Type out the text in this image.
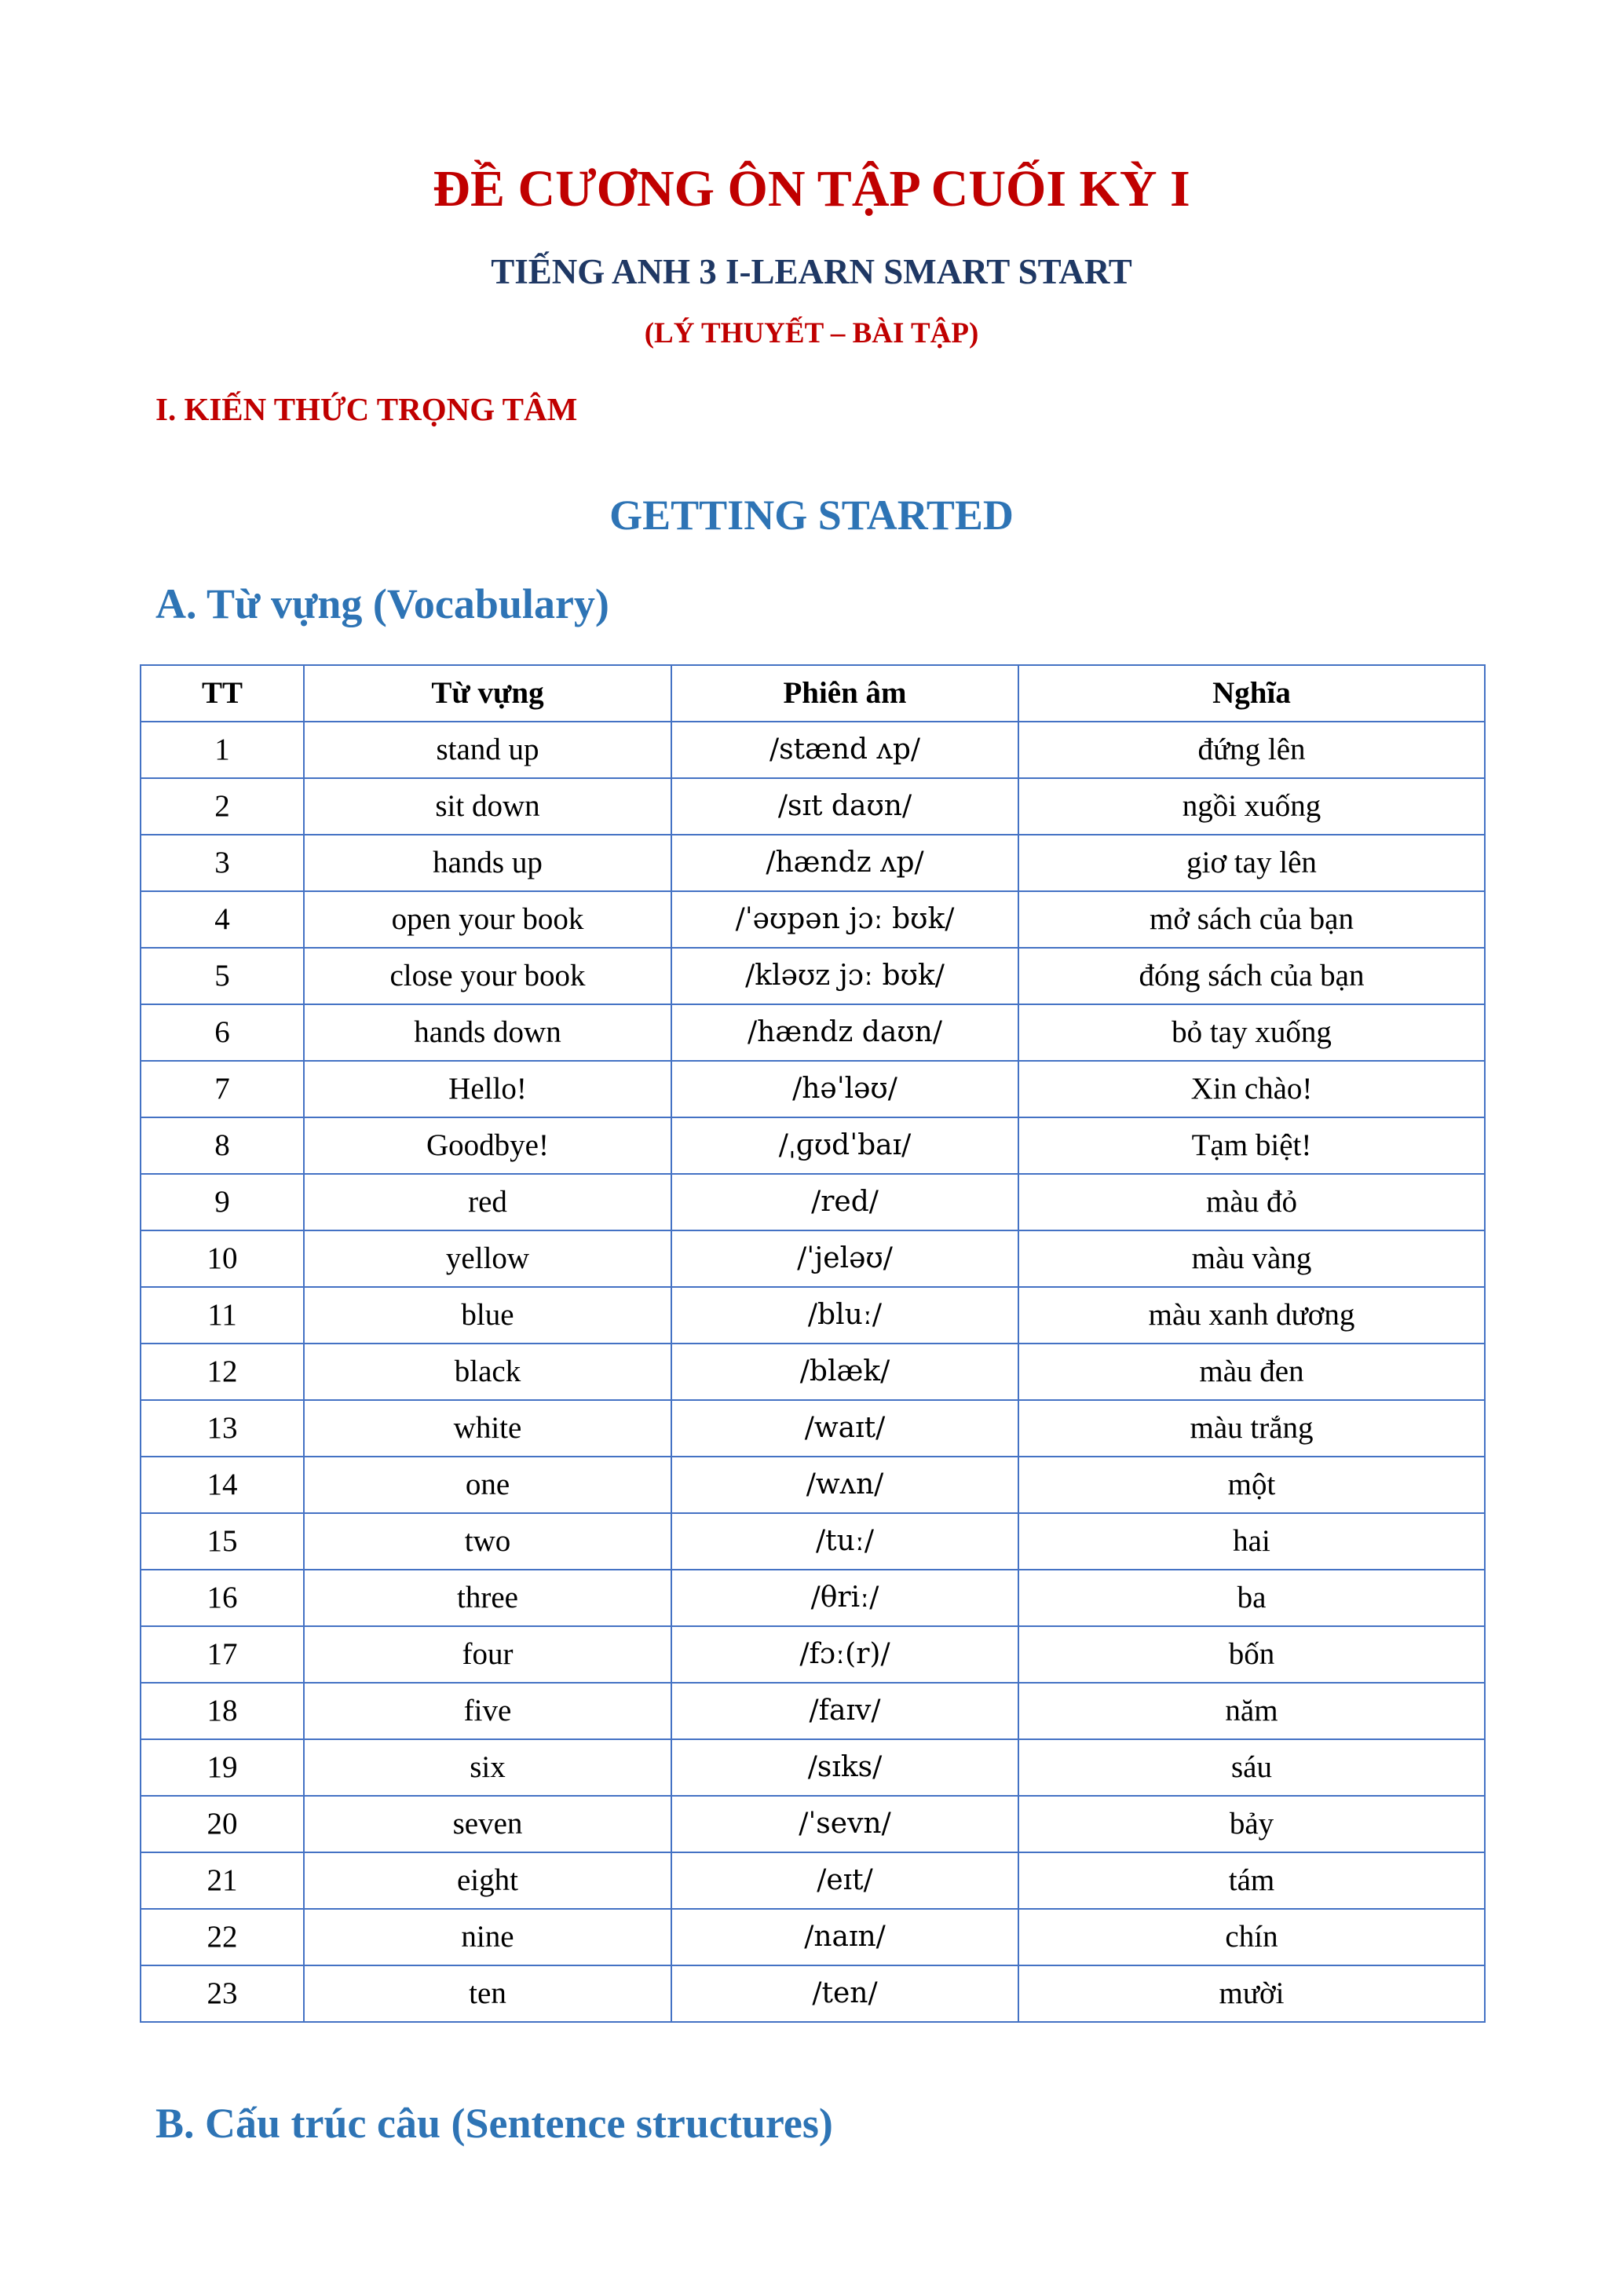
ĐỀ CƯƠNG ÔN TẬP CUỐI KỲ I
TIẾNG ANH 3 I-LEARN SMART START
(LÝ THUYẾT – BÀI TẬP)
I. KIẾN THỨC TRỌNG TÂM
GETTING STARTED
A. Từ vựng (Vocabulary)
TT	Từ vựng	Phiên âm	Nghĩa
1	stand up	/stænd ʌp/	đứng lên
2	sit down	/sɪt daʊn/	ngồi xuống
3	hands up	/hændz ʌp/	giơ tay lên
4	open your book	/ˈəʊpən jɔː bʊk/	mở sách của bạn
5	close your book	/kləʊz jɔː bʊk/	đóng sách của bạn
6	hands down	/hændz daʊn/	bỏ tay xuống
7	Hello!	/həˈləʊ/	Xin chào!
8	Goodbye!	/ˌɡʊdˈbaɪ/	Tạm biệt!
9	red	/red/	màu đỏ
10	yellow	/ˈjeləʊ/	màu vàng
11	blue	/bluː/	màu xanh dương
12	black	/blæk/	màu đen
13	white	/waɪt/	màu trắng
14	one	/wʌn/	một
15	two	/tuː/	hai
16	three	/θriː/	ba
17	four	/fɔː(r)/	bốn
18	five	/faɪv/	năm
19	six	/sɪks/	sáu
20	seven	/ˈsevn/	bảy
21	eight	/eɪt/	tám
22	nine	/naɪn/	chín
23	ten	/ten/	mười
B. Cấu trúc câu (Sentence structures)
